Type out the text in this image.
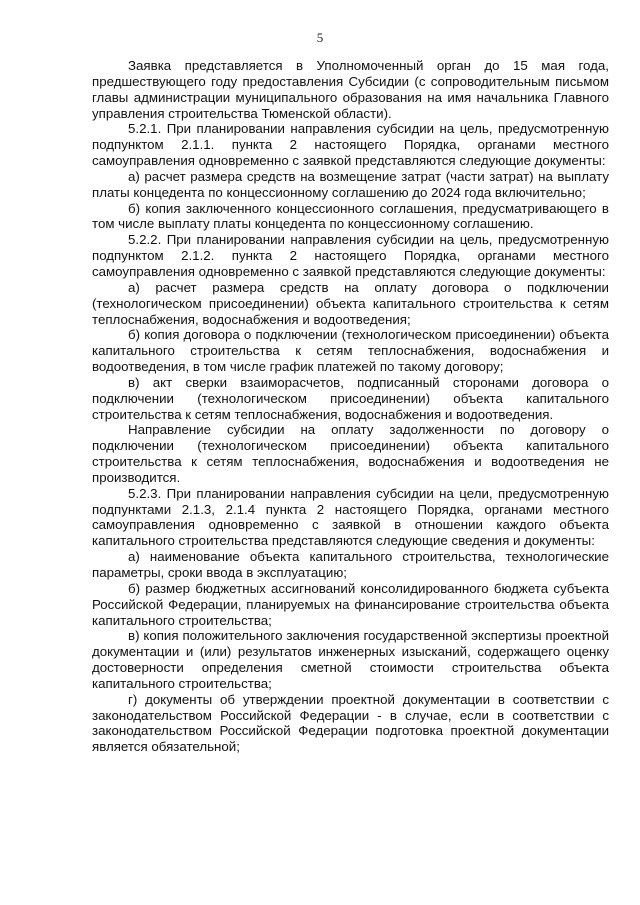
5

Заявка представляется в Уполномоченный орган до 15 мая года, предшествующего году предоставления Субсидии (с сопроводительным письмом главы администрации муниципального образования на имя начальника Главного управления строительства Тюменской области).

5.2.1. При планировании направления субсидии на цель, предусмотренную подпунктом 2.1.1. пункта 2 настоящего Порядка, органами местного самоуправления одновременно с заявкой представляются следующие документы:

а) расчет размера средств на возмещение затрат (части затрат) на выплату платы концедента по концессионному соглашению до 2024 года включительно;

б) копия заключенного концессионного соглашения, предусматривающего в том числе выплату платы концедента по концессионному соглашению.

5.2.2. При планировании направления субсидии на цель, предусмотренную подпунктом 2.1.2. пункта 2 настоящего Порядка, органами местного самоуправления одновременно с заявкой представляются следующие документы:

а) расчет размера средств на оплату договора о подключении (технологическом присоединении) объекта капитального строительства к сетям теплоснабжения, водоснабжения и водоотведения;

б) копия договора о подключении (технологическом присоединении) объекта капитального строительства к сетям теплоснабжения, водоснабжения и водоотведения, в том числе график платежей по такому договору;

в) акт сверки взаиморасчетов, подписанный сторонами договора о подключении (технологическом присоединении) объекта капитального строительства к сетям теплоснабжения, водоснабжения и водоотведения.

Направление субсидии на оплату задолженности по договору о подключении (технологическом присоединении) объекта капитального строительства к сетям теплоснабжения, водоснабжения и водоотведения не производится.

5.2.3. При планировании направления субсидии на цели, предусмотренную подпунктами 2.1.3, 2.1.4 пункта 2 настоящего Порядка, органами местного самоуправления одновременно с заявкой в отношении каждого объекта капитального строительства представляются следующие сведения и документы:

а) наименование объекта капитального строительства, технологические параметры, сроки ввода в эксплуатацию;

б) размер бюджетных ассигнований консолидированного бюджета субъекта Российской Федерации, планируемых на финансирование строительства объекта капитального строительства;

в) копия положительного заключения государственной экспертизы проектной документации и (или) результатов инженерных изысканий, содержащего оценку достоверности определения сметной стоимости строительства объекта капитального строительства;

г) документы об утверждении проектной документации в соответствии с законодательством Российской Федерации - в случае, если в соответствии с законодательством Российской Федерации подготовка проектной документации является обязательной;
